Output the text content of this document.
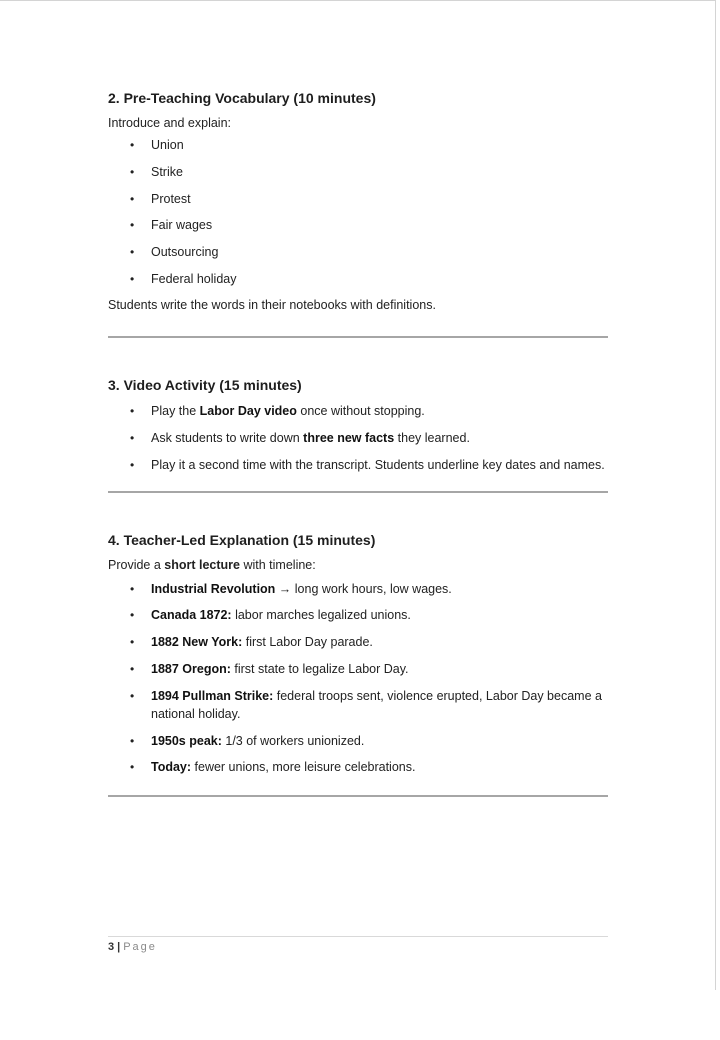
2. Pre-Teaching Vocabulary (10 minutes)

Introduce and explain:

• Union
• Strike
• Protest
• Fair wages
• Outsourcing
• Federal holiday

Students write the words in their notebooks with definitions.

3. Video Activity (15 minutes)
• Play the Labor Day video once without stopping.
• Ask students to write down three new facts they learned.
• Play it a second time with the transcript. Students underline key dates and names.
4. Teacher-Led Explanation (15 minutes)

Provide a short lecture with timeline:

• Industrial Revolution → long work hours, low wages.
• Canada 1872: labor marches legalized unions.
• 1882 New York: first Labor Day parade.
• 1887 Oregon: first state to legalize Labor Day.
• 1894 Pullman Strike: federal troops sent, violence erupted, Labor Day became a national holiday.
• 1950s peak: 1/3 of workers unionized.
• Today: fewer unions, more leisure celebrations.
3 | Page
